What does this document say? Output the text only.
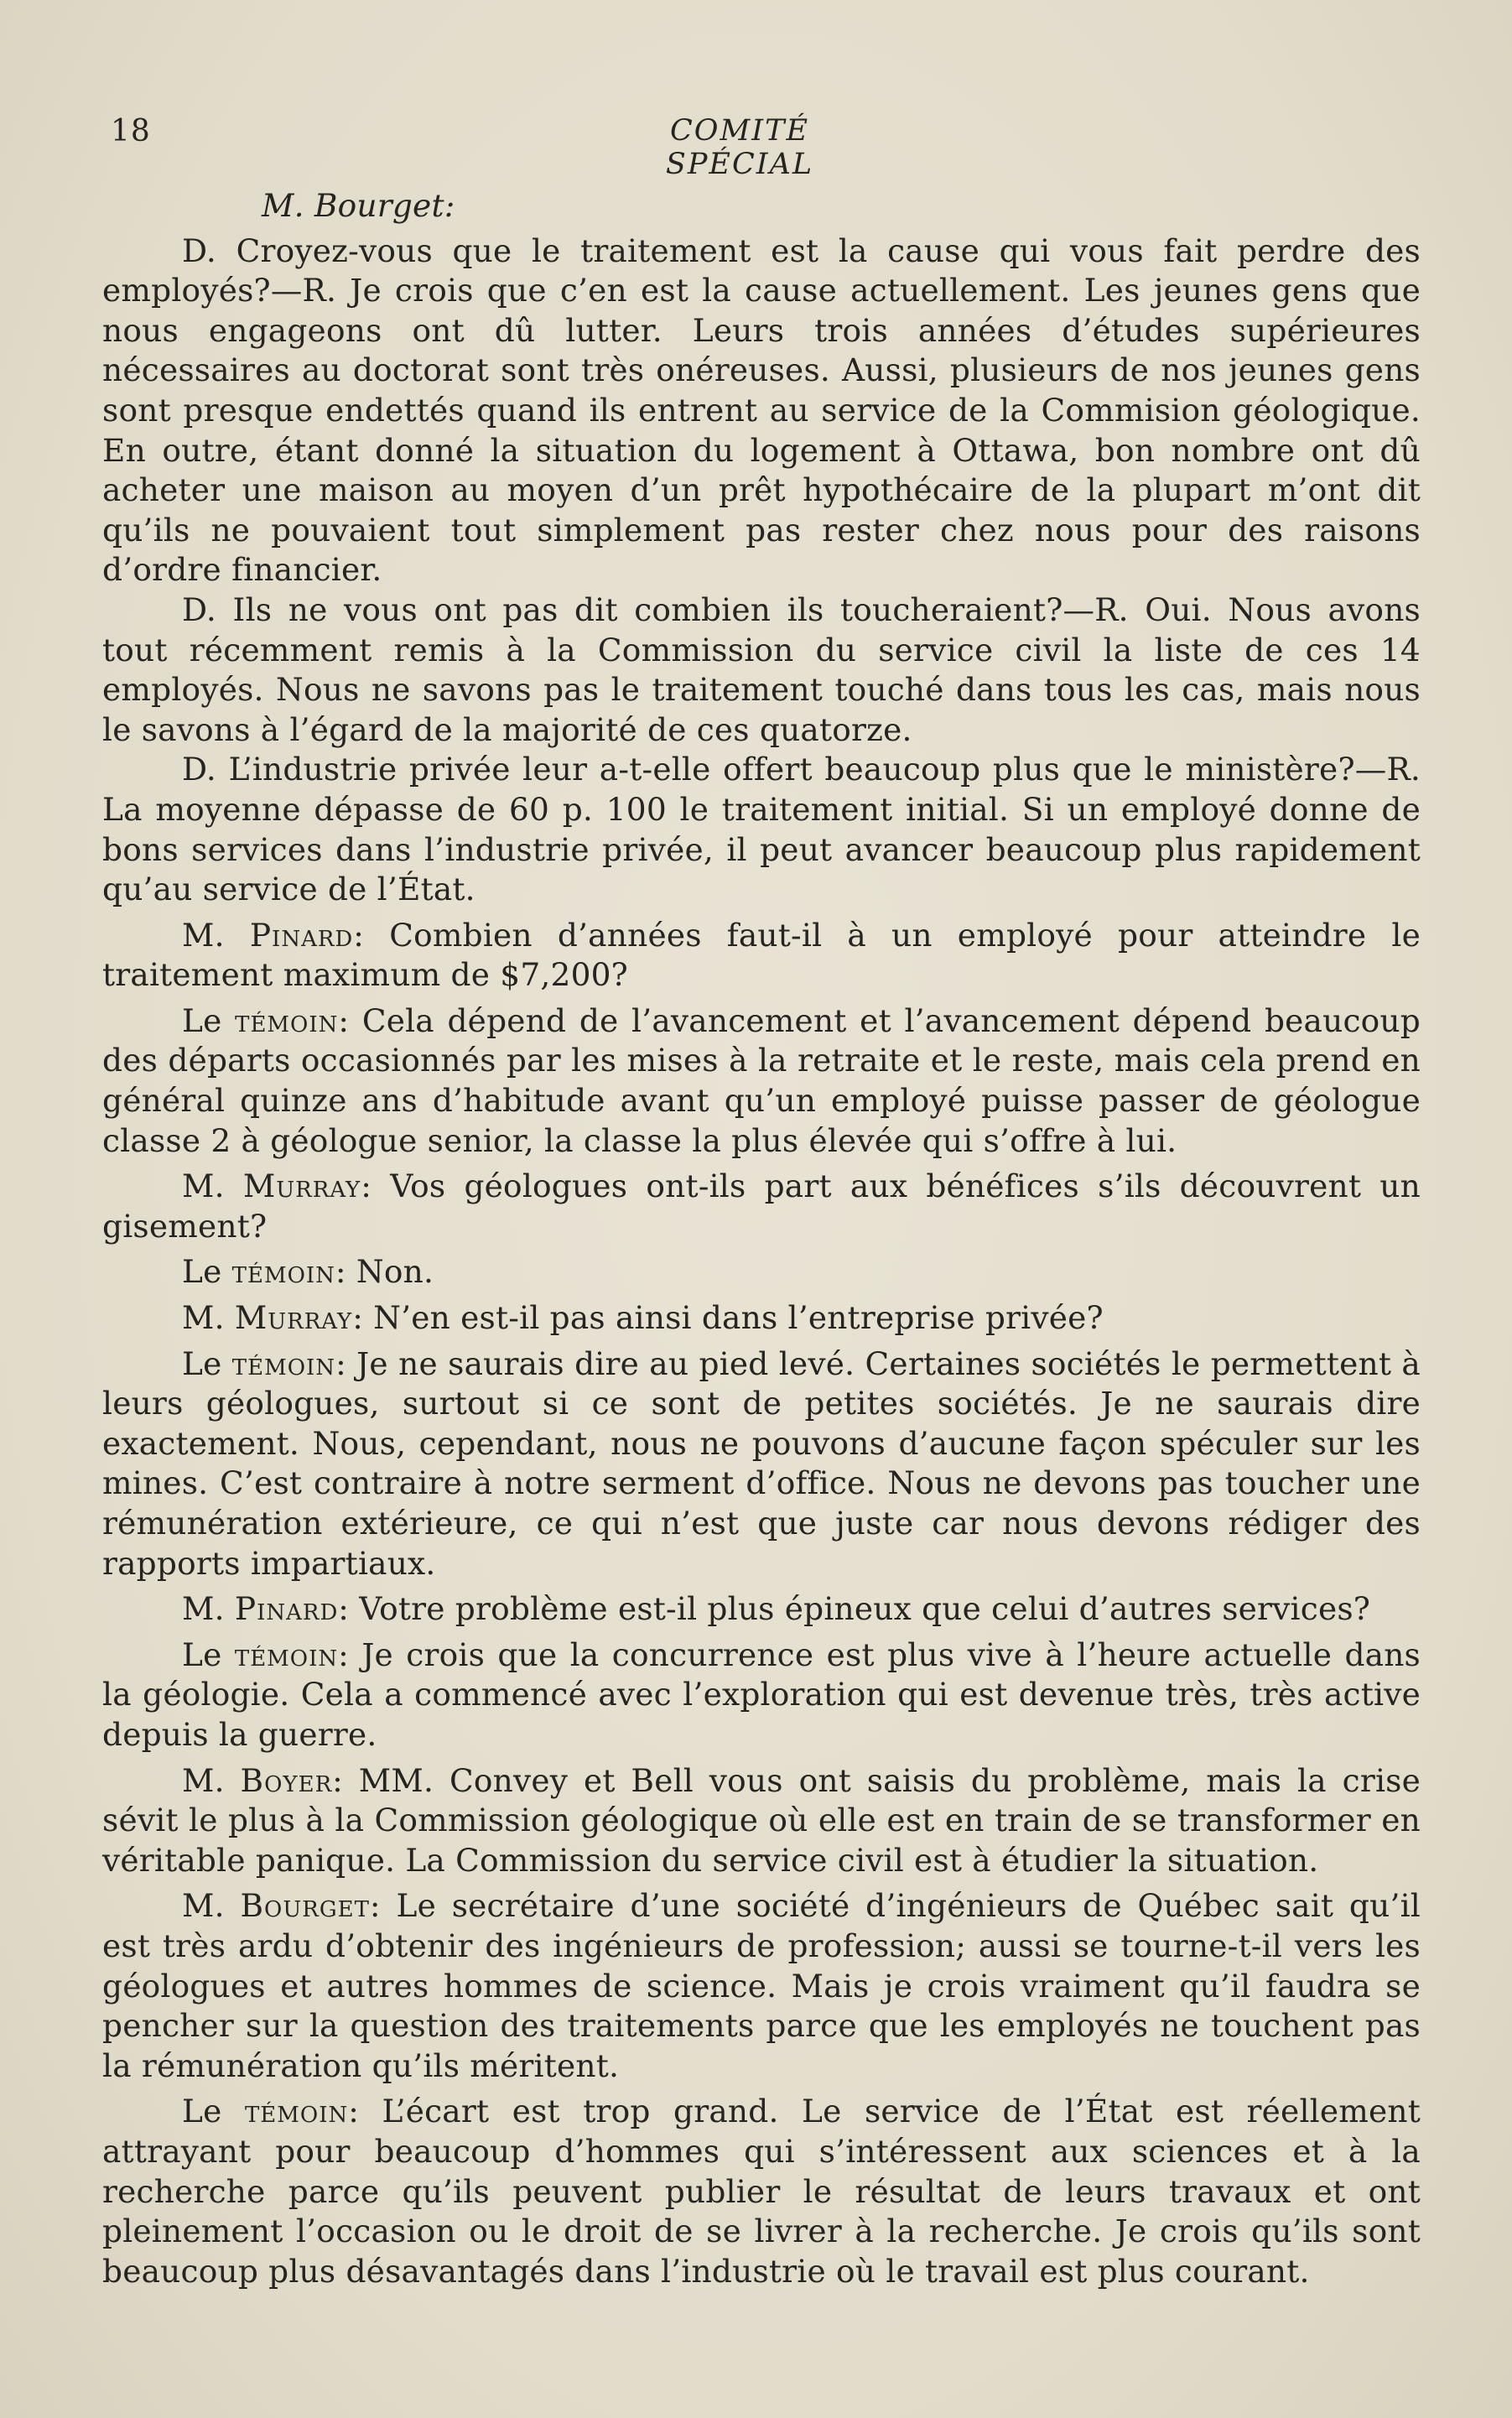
18	COMITÉ SPÉCIAL
M. Bourget:

D. Croyez-vous que le traitement est la cause qui vous fait perdre des employés?—R. Je crois que c’en est la cause actuellement. Les jeunes gens que nous engageons ont dû lutter. Leurs trois années d’études supérieures nécessaires au doctorat sont très onéreuses. Aussi, plusieurs de nos jeunes gens sont presque endettés quand ils entrent au service de la Commision géologique. En outre, étant donné la situation du logement à Ottawa, bon nombre ont dû acheter une maison au moyen d’un prêt hypothécaire de la plupart m’ont dit qu’ils ne pouvaient tout simplement pas rester chez nous pour des raisons d’ordre financier.

D. Ils ne vous ont pas dit combien ils toucheraient?—R. Oui. Nous avons tout récemment remis à la Commission du service civil la liste de ces 14 employés. Nous ne savons pas le traitement touché dans tous les cas, mais nous le savons à l’égard de la majorité de ces quatorze.

D. L’industrie privée leur a-t-elle offert beaucoup plus que le ministère?—R. La moyenne dépasse de 60 p. 100 le traitement initial. Si un employé donne de bons services dans l’industrie privée, il peut avancer beaucoup plus rapidement qu’au service de l’État.

M. Pinard: Combien d’années faut-il à un employé pour atteindre le traitement maximum de $7,200?

Le témoin: Cela dépend de l’avancement et l’avancement dépend beaucoup des départs occasionnés par les mises à la retraite et le reste, mais cela prend en général quinze ans d’habitude avant qu’un employé puisse passer de géologue classe 2 à géologue senior, la classe la plus élevée qui s’offre à lui.

M. Murray: Vos géologues ont-ils part aux bénéfices s’ils découvrent un gisement?

Le témoin: Non.

M. Murray: N’en est-il pas ainsi dans l’entreprise privée?

Le témoin: Je ne saurais dire au pied levé. Certaines sociétés le permettent à leurs géologues, surtout si ce sont de petites sociétés. Je ne saurais dire exactement. Nous, cependant, nous ne pouvons d’aucune façon spéculer sur les mines. C’est contraire à notre serment d’office. Nous ne devons pas toucher une rémunération extérieure, ce qui n’est que juste car nous devons rédiger des rapports impartiaux.

M. Pinard: Votre problème est-il plus épineux que celui d’autres services?

Le témoin: Je crois que la concurrence est plus vive à l’heure actuelle dans la géologie. Cela a commencé avec l’exploration qui est devenue très, très active depuis la guerre.

M. Boyer: MM. Convey et Bell vous ont saisis du problème, mais la crise sévit le plus à la Commission géologique où elle est en train de se transformer en véritable panique. La Commission du service civil est à étudier la situation.

M. Bourget: Le secrétaire d’une société d’ingénieurs de Québec sait qu’il est très ardu d’obtenir des ingénieurs de profession; aussi se tourne-t-il vers les géologues et autres hommes de science. Mais je crois vraiment qu’il faudra se pencher sur la question des traitements parce que les employés ne touchent pas la rémunération qu’ils méritent.

Le témoin: L’écart est trop grand. Le service de l’État est réellement attrayant pour beaucoup d’hommes qui s’intéressent aux sciences et à la recherche parce qu’ils peuvent publier le résultat de leurs travaux et ont pleinement l’occasion ou le droit de se livrer à la recherche. Je crois qu’ils sont beaucoup plus désavantagés dans l’industrie où le travail est plus courant.
